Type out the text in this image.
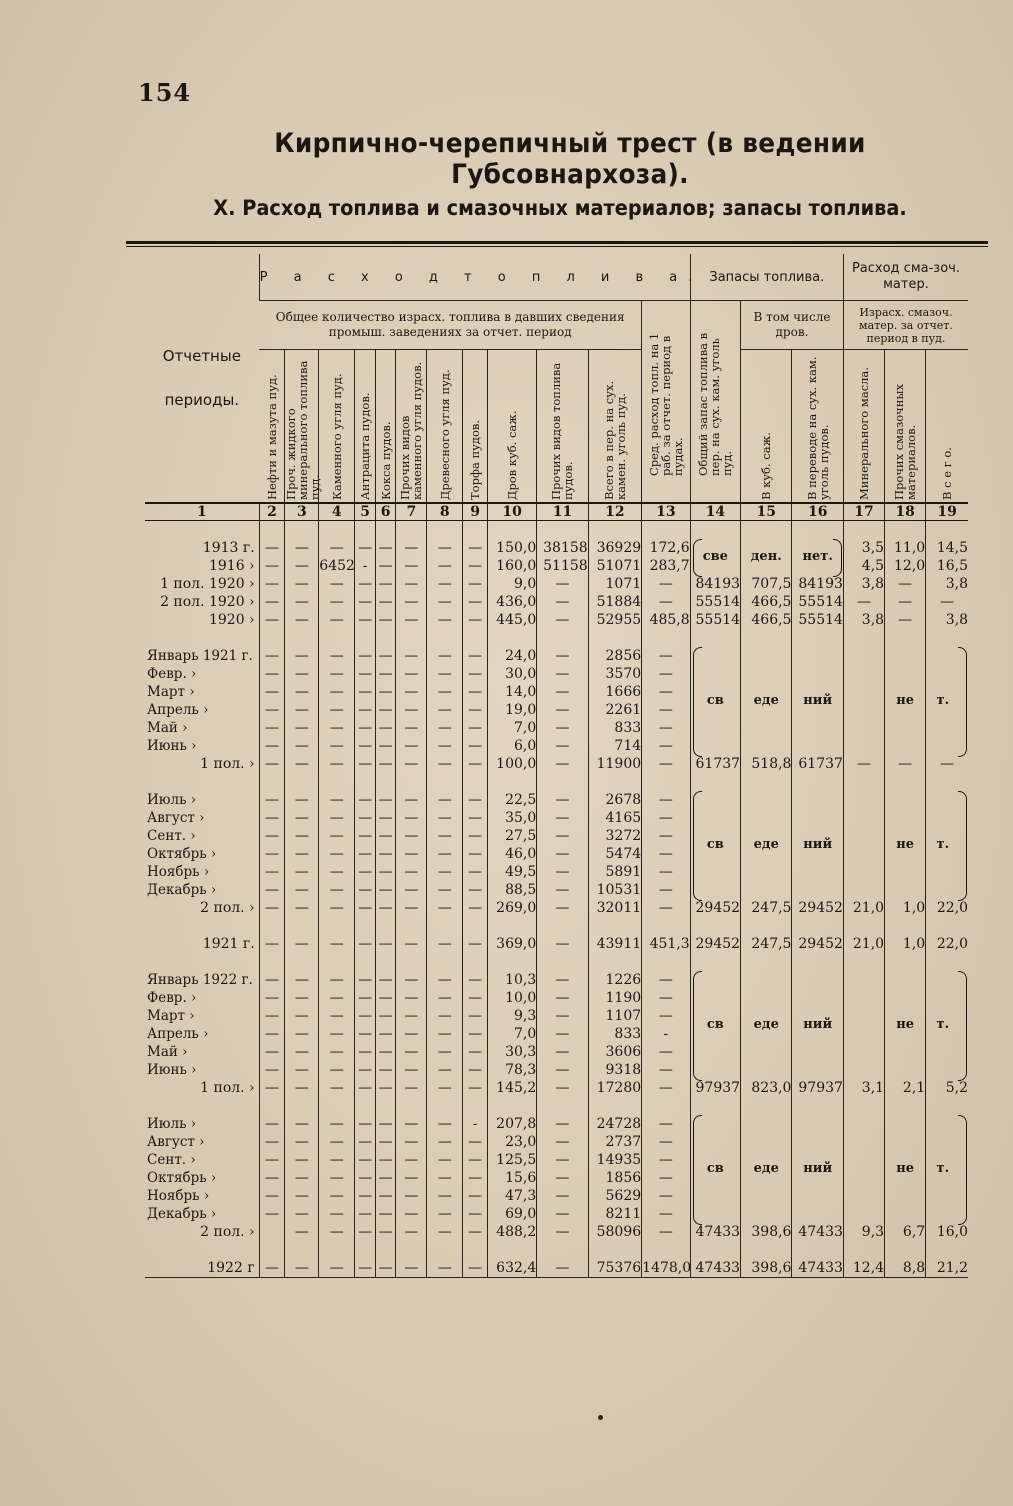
154
Кирпично-черепичный трест (в ведении Губсовнархоза).
X. Расход топлива и смазочных материалов; запасы топлива.
Отчетные
периоды.	Р а с х о д т о п л и в а.												Запасы топлива.			Расход сма-зоч. матер.		
	Общее количество израсх. топлива в давших сведения промыш. заведениях за отчет. период											Сред. расход топл. на 1 раб. за отчет. период в пудах.	Общий запас топлива в пер. на сух. кам. уголь пуд.	В том числе дров.		Израсх. смазоч. матер. за отчет. период в пуд.		

	Нефти и мазута пуд.	Проч. жидкого минерального топлива пуд.	Каменного угля пуд.	Антрацита пудов.	Кокса пудов.	Прочих видов каменного угля пудов.	Древесного угля пуд.	Торфа пудов.	Дров куб. саж.	Прочих видов топлива пудов.	Всего в пер. на сух. камен. уголь пуд.			В куб. саж.	В переводе на сух. кам. уголь пудов.	Минерального масла.	Прочих смазочных материалов.	В с е г о.

1	2	3	4	5	6	7	8	9	10	11	12	13	14	15	16	17	18	19

1913 г.	—	—	—	—	—	—	—	—	150,0	38158	36929	172,6				3,5	11,0	14,5
1916 ›	—	—	6452	-	—	—	—	—	160,0	51158	51071	283,7				4,5	12,0	16,5
1 пол. 1920 ›	—	—	—	—	—	—	—	—	9,0	—	1071	—	84193	707,5	84193	3,8	—	3,8
2 пол. 1920 ›	—	—	—	—	—	—	—	—	436,0	—	51884	—	55514	466,5	55514	—	—	—
1920 ›	—	—	—	—	—	—	—	—	445,0	—	52955	485,8	55514	466,5	55514	3,8	—	3,8

Январь 1921 г.	—	—	—	—	—	—	—	—	24,0	—	2856	—						
Февр. ›	—	—	—	—	—	—	—	—	30,0	—	3570	—						
Март ›	—	—	—	—	—	—	—	—	14,0	—	1666	—						
Апрель ›	—	—	—	—	—	—	—	—	19,0	—	2261	—						
Май ›	—	—	—	—	—	—	—	—	7,0	—	833	—						
Июнь ›	—	—	—	—	—	—	—	—	6,0	—	714	—						
1 пол. ›	—	—	—	—	—	—	—	—	100,0	—	11900	—	61737	518,8	61737	—	—	—

Июль ›	—	—	—	—	—	—	—	—	22,5	—	2678	—						
Август ›	—	—	—	—	—	—	—	—	35,0	—	4165	—						
Сент. ›	—	—	—	—	—	—	—	—	27,5	—	3272	—						
Октябрь ›	—	—	—	—	—	—	—	—	46,0	—	5474	—						
Ноябрь ›	—	—	—	—	—	—	—	—	49,5	—	5891	—						
Декабрь ›	—	—	—	—	—	—	—	—	88,5	—	10531	—						
2 пол. ›	—	—	—	—	—	—	—	—	269,0	—	32011	—	29452	247,5	29452	21,0	1,0	22,0

1921 г.	—	—	—	—	—	—	—	—	369,0	—	43911	451,3	29452	247,5	29452	21,0	1,0	22,0

Январь 1922 г.	—	—	—	—	—	—	—	—	10,3	—	1226	—						
Февр. ›	—	—	—	—	—	—	—	—	10,0	—	1190	—						
Март ›	—	—	—	—	—	—	—	—	9,3	—	1107	—						
Апрель ›	—	—	—	—	—	—	—	—	7,0	—	833	-						
Май ›	—	—	—	—	—	—	—	—	30,3	—	3606	—						
Июнь ›	—	—	—	—	—	—	—	—	78,3	—	9318	—						
1 пол. ›	—	—	—	—	—	—	—	—	145,2	—	17280	—	97937	823,0	97937	3,1	2,1	5,2

Июль ›	—	—	—	—	—	—	—	-	207,8	—	24728	—						
Август ›	—	—	—	—	—	—	—	—	23,0	—	2737	—						
Сент. ›	—	—	—	—	—	—	—	—	125,5	—	14935	—						
Октябрь ›	—	—	—	—	—	—	—	—	15,6	—	1856	—						
Ноябрь ›	—	—	—	—	—	—	—	—	47,3	—	5629	—						
Декабрь ›	—	—	—	—	—	—	—	—	69,0	—	8211	—						
2 пол. ›		—	—	—	—	—	—	—	488,2	—	58096	—	47433	398,6	47433	9,3	6,7	16,0

1922 г	—	—	—	—	—	—	—	—	632,4	—	75376	1478,0	47433	398,6	47433	12,4	8,8	21,2
све	ден.	нет.
св	еде	ний	не	т.
св	еде	ний	не	т.
св	еде	ний	не	т.
св	еде	ний	не	т.
